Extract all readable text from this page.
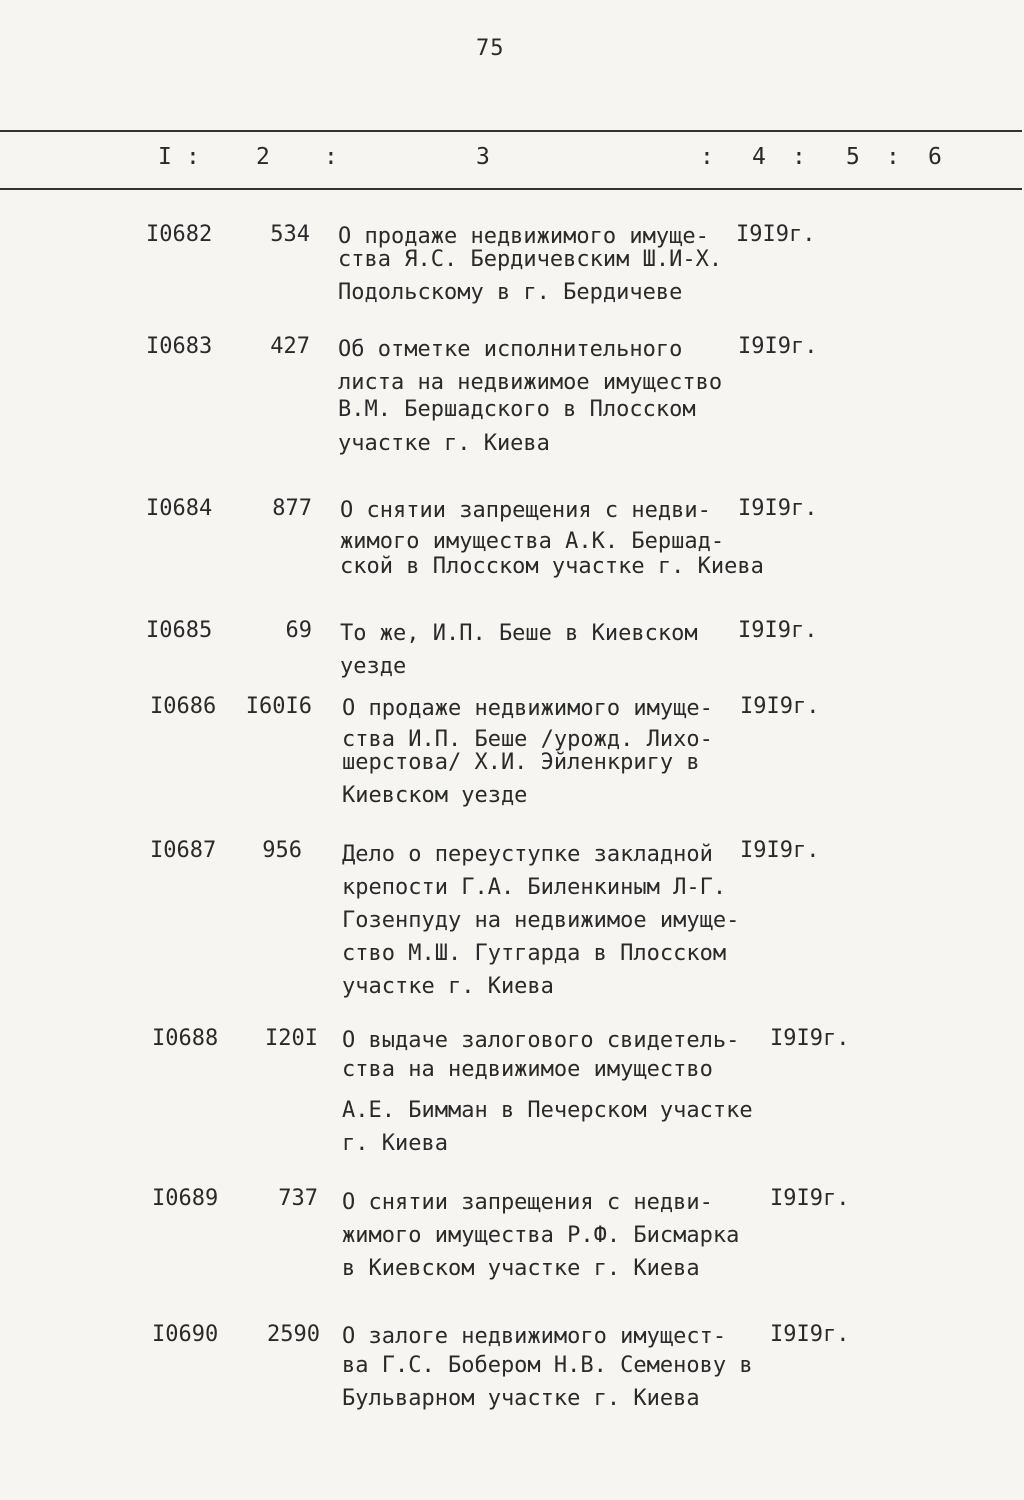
75
I : 2 :	3	: 4 : 5 : 6
I0682	534 О продаже недвижимого имуще-
ства Я.С. Бердичевским Ш.И-Х.
Подольскому в г. Бердичеве
I9I9г.
I0683	427 Об отметке исполнительного
листа на недвижимое имущество
В.М. Бершадского в Плосском
участке г. Киева
I9I9г.
I0684	877 О снятии запрещения с недви-
жимого имущества А.К. Бершад-
ской в Плосском участке г. Киева
I9I9г.
I0685	69 То же, И.П. Беше в Киевском
уезде
I9I9г.
I0686	I60I6 О продаже недвижимого имуще-
ства И.П. Беше /урожд. Лихо-
шерстова/ Х.И. Эйленкригу в
Киевском уезде
I9I9г.
I0687	956 Дело о переуступке закладной
крепости Г.А. Биленкиным Л-Г.
Гозенпуду на недвижимое имуще-
ство М.Ш. Гутгарда в Плосском
участке г. Киева
I9I9г.
I0688	I20I О выдаче залогового свидетель-
ства на недвижимое имущество
А.Е. Бимман в Печерском участке
г. Киева
I9I9г.
I0689	737 О снятии запрещения с недви-
жимого имущества Р.Ф. Бисмарка
в Киевском участке г. Киева
I9I9г.
I0690	2590 О залоге недвижимого имущест-
ва Г.С. Бобером Н.В. Семенову в
Бульварном участке г. Киева
I9I9г.
